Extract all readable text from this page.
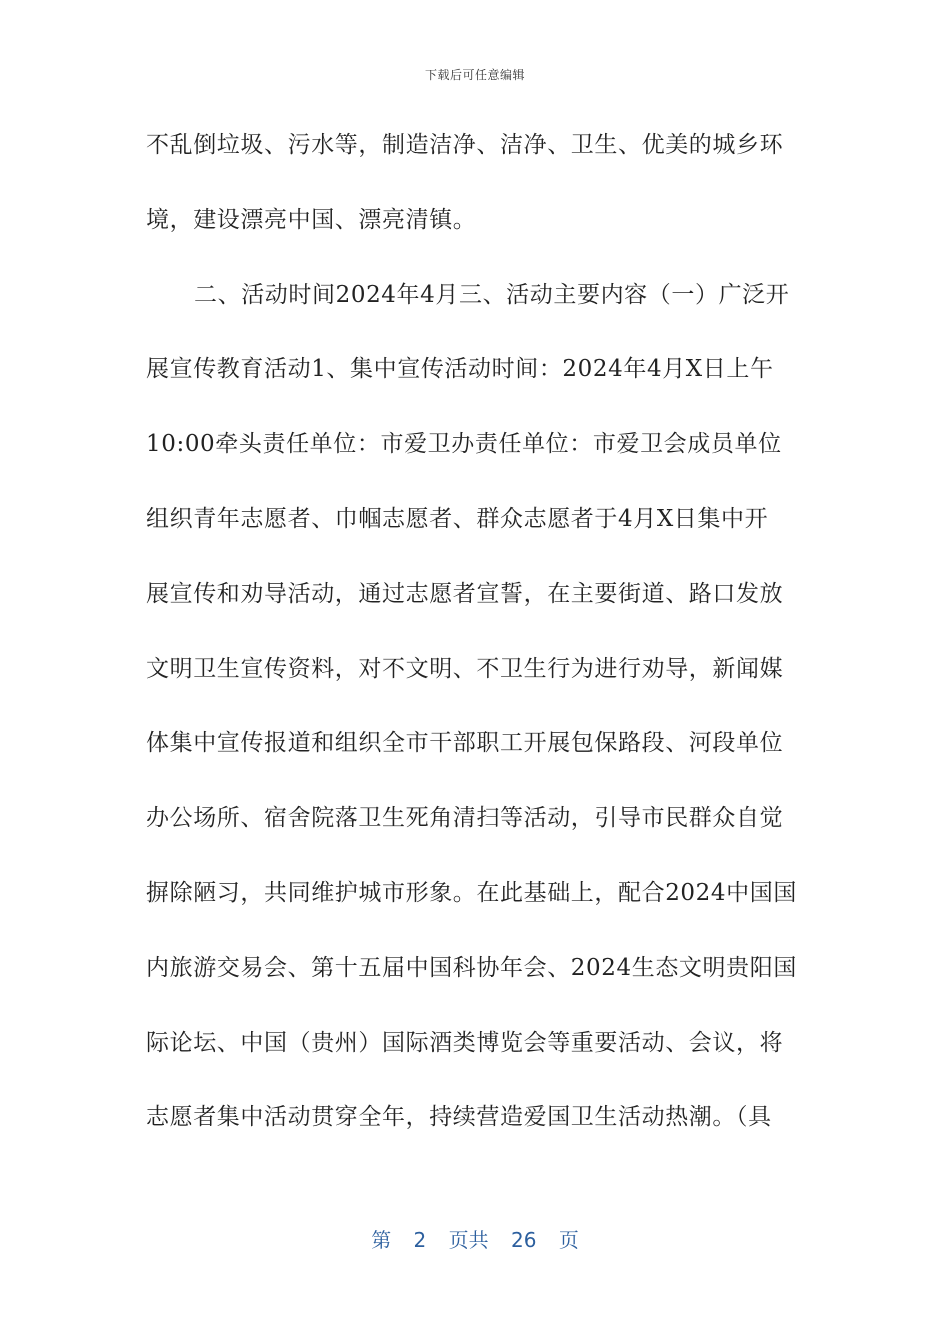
下载后可任意编辑
不乱倒垃圾、污水等，制造洁净、洁净、卫生、优美的城乡环
境，建设漂亮中国、漂亮清镇。
二、活动时间2024年4月三、活动主要内容（一）广泛开
展宣传教育活动1、集中宣传活动时间：2024年4月X日上午
10:00牵头责任单位：市爱卫办责任单位：市爱卫会成员单位
组织青年志愿者、巾帼志愿者、群众志愿者于4月X日集中开
展宣传和劝导活动，通过志愿者宣誓，在主要街道、路口发放
文明卫生宣传资料，对不文明、不卫生行为进行劝导，新闻媒
体集中宣传报道和组织全市干部职工开展包保路段、河段单位
办公场所、宿舍院落卫生死角清扫等活动，引导市民群众自觉
摒除陋习，共同维护城市形象。在此基础上，配合2024中国国
内旅游交易会、第十五届中国科协年会、2024生态文明贵阳国
际论坛、中国（贵州）国际酒类博览会等重要活动、会议，将
志愿者集中活动贯穿全年，持续营造爱国卫生活动热潮。（具
第 2 页共 26 页
